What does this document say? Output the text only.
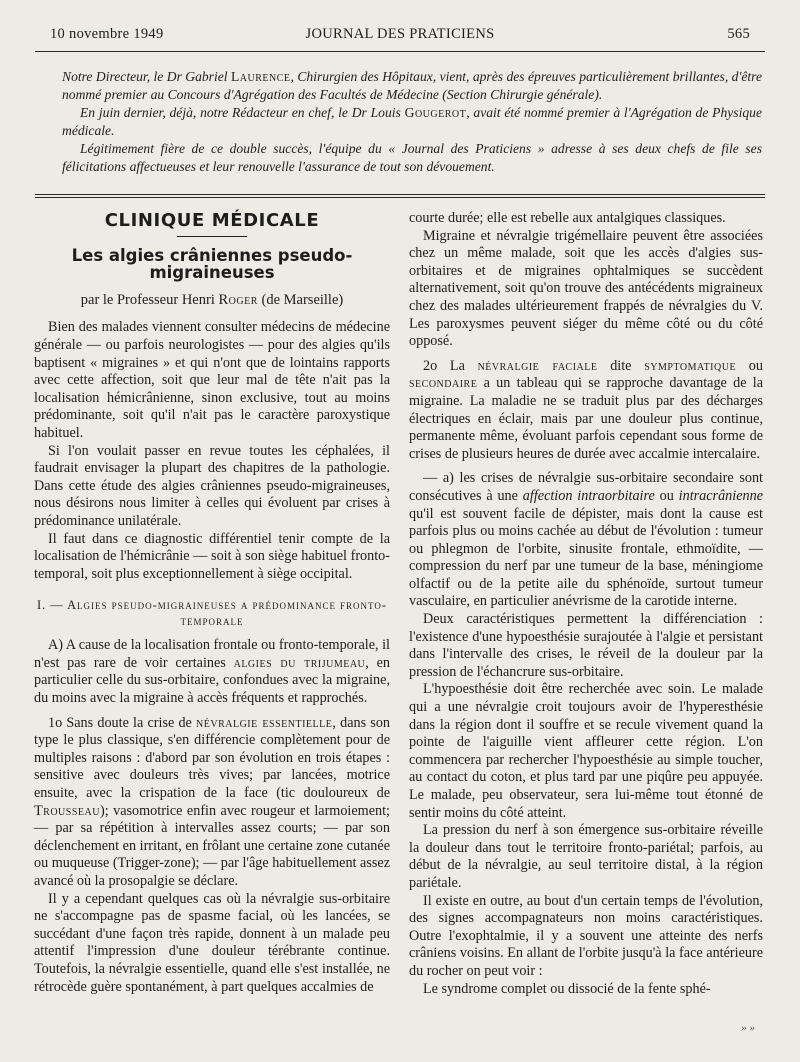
10 novembre 1949	JOURNAL DES PRATICIENS	565

Notre Directeur, le Dr Gabriel Laurence, Chirurgien des Hôpitaux, vient, après des épreuves particulièrement brillantes, d'être nommé premier au Concours d'Agrégation des Facultés de Médecine (Section Chirurgie générale).

En juin dernier, déjà, notre Rédacteur en chef, le Dr Louis Gougerot, avait été nommé premier à l'Agrégation de Physique médicale.

Légitimement fière de ce double succès, l'équipe du « Journal des Praticiens » adresse à ses deux chefs de file ses félicitations affectueuses et leur renouvelle l'assurance de tout son dévouement.

CLINIQUE MÉDICALE
Les algies crâniennes pseudo-migraineuses
par le Professeur Henri Roger (de Marseille)

Bien des malades viennent consulter médecins de médecine générale — ou parfois neurologistes — pour des algies qu'ils baptisent « migraines » et qui n'ont que de lointains rapports avec cette affection, soit que leur mal de tête n'ait pas la localisation hémicrânienne, sinon exclusive, tout au moins prédominante, soit qu'il n'ait pas le caractère paroxystique habituel.

Si l'on voulait passer en revue toutes les céphalées, il faudrait envisager la plupart des chapitres de la pathologie. Dans cette étude des algies crâniennes pseudo-migraineuses, nous désirons nous limiter à celles qui évoluent par crises à prédominance unilatérale.

Il faut dans ce diagnostic différentiel tenir compte de la localisation de l'hémicrânie — soit à son siège habituel fronto-temporal, soit plus exceptionnellement à siège occipital.

I. — Algies pseudo-migraineuses a prédominance fronto-temporale

A) A cause de la localisation frontale ou fronto-temporale, il n'est pas rare de voir certaines algies du trijumeau, en particulier celle du sus-orbitaire, confondues avec la migraine, du moins avec la migraine à accès fréquents et rapprochés.

1o Sans doute la crise de névralgie essentielle, dans son type le plus classique, s'en différencie complètement pour de multiples raisons : d'abord par son évolution en trois étapes : sensitive avec douleurs très vives; par lancées, motrice ensuite, avec la crispation de la face (tic douloureux de Trousseau); vasomotrice enfin avec rougeur et larmoiement; — par sa répétition à intervalles assez courts; — par son déclenchement en irritant, en frôlant une certaine zone cutanée ou muqueuse (Trigger-zone); — par l'âge habituellement assez avancé où la prosopalgie se déclare.

Il y a cependant quelques cas où la névralgie sus-orbitaire ne s'accompagne pas de spasme facial, où les lancées, se succédant d'une façon très rapide, donnent à un malade peu attentif l'impression d'une douleur térébrante continue. Toutefois, la névralgie essentielle, quand elle s'est installée, ne rétrocède guère spontanément, à part quelques accalmies de

courte durée; elle est rebelle aux antalgiques classiques.

Migraine et névralgie trigémellaire peuvent être associées chez un même malade, soit que les accès d'algies sus-orbitaires et de migraines ophtalmiques se succèdent alternativement, soit qu'on trouve des antécédents migraineux chez des malades ultérieurement frappés de névralgies du V. Les paroxysmes peuvent siéger du même côté ou du côté opposé.

2o La névralgie faciale dite symptomatique ou secondaire a un tableau qui se rapproche davantage de la migraine. La maladie ne se traduit plus par des décharges électriques en éclair, mais par une douleur plus continue, permanente même, évoluant parfois cependant sous forme de crises de plusieurs heures de durée avec accalmie intercalaire.

— a) les crises de névralgie sus-orbitaire secondaire sont consécutives à une affection intraorbitaire ou intracrânienne qu'il est souvent facile de dépister, mais dont la cause est parfois plus ou moins cachée au début de l'évolution : tumeur ou phlegmon de l'orbite, sinusite frontale, ethmoïdite, — compression du nerf par une tumeur de la base, méningiome olfactif ou de la petite aile du sphénoïde, surtout tumeur vasculaire, en particulier anévrisme de la carotide interne.

Deux caractéristiques permettent la différenciation : l'existence d'une hypoesthésie surajoutée à l'algie et persistant dans l'intervalle des crises, le réveil de la douleur par la pression de l'échancrure sus-orbitaire.

L'hypoesthésie doit être recherchée avec soin. Le malade qui a une névralgie croit toujours avoir de l'hyperesthésie dans la région dont il souffre et se recule vivement quand la pointe de l'aiguille vient affleurer cette région. L'on commencera par rechercher l'hypoesthésie au simple toucher, au contact du coton, et plus tard par une piqûre peu appuyée. Le malade, peu observateur, sera lui-même tout étonné de sentir moins du côté atteint.

La pression du nerf à son émergence sus-orbitaire réveille la douleur dans tout le territoire fronto-pariétal; parfois, au début de la névralgie, au seul territoire distal, à la région pariétale.

Il existe en outre, au bout d'un certain temps de l'évolution, des signes accompagnateurs non moins caractéristiques. Outre l'exophtalmie, il y a souvent une atteinte des nerfs crâniens voisins. En allant de l'orbite jusqu'à la face antérieure du rocher on peut voir :

Le syndrome complet ou dissocié de la fente sphé-

» »
